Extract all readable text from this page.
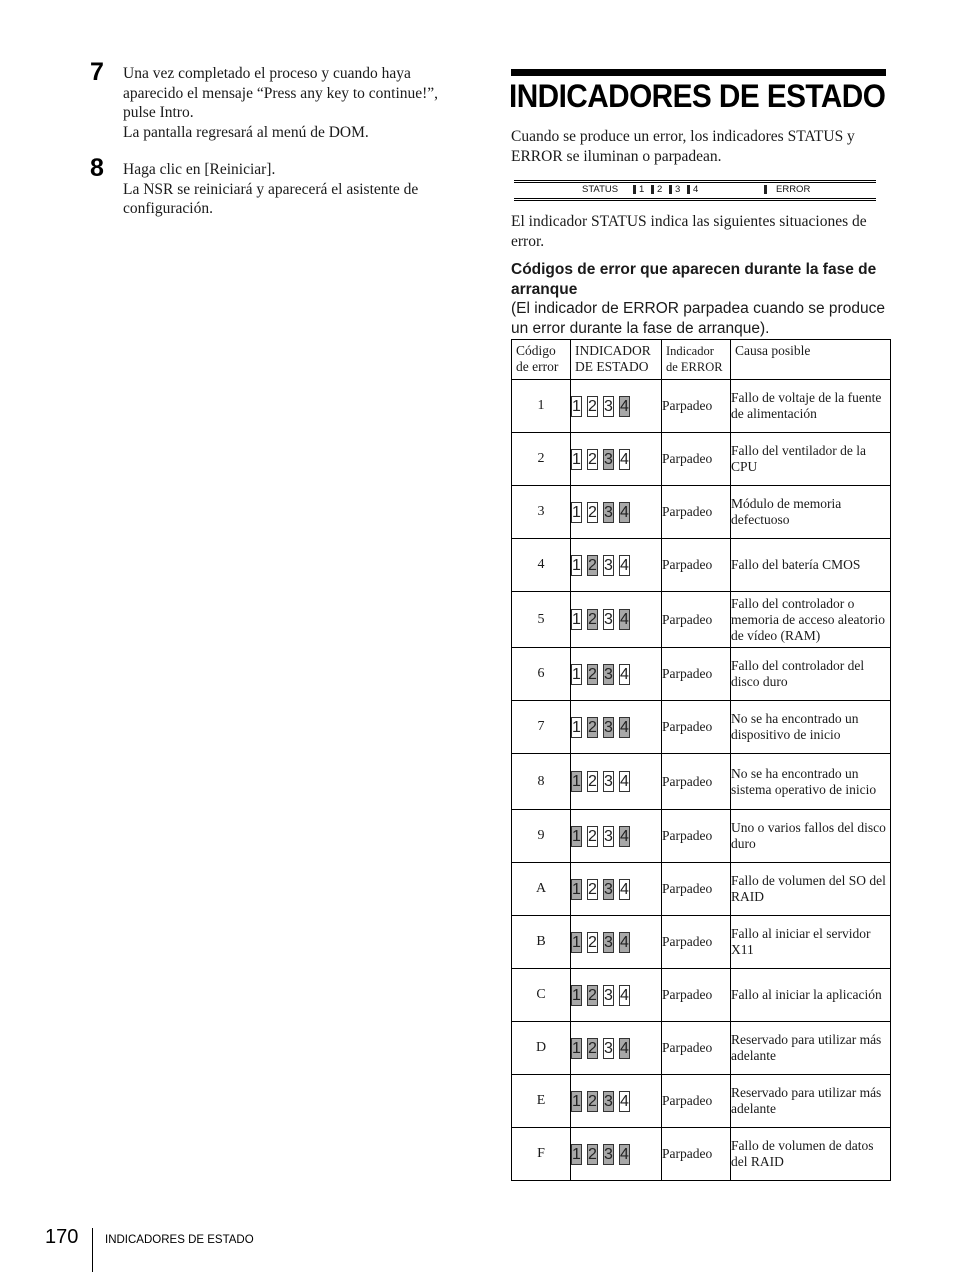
7 Una vez completado el proceso y cuando haya aparecido el mensaje “Press any key to continue!”, pulse Intro.

La pantalla regresará al menú de DOM.

8 Haga clic en [Reiniciar].

La NSR se reiniciará y aparecerá el asistente de configuración.

INDICADORES DE ESTADO

Cuando se produce un error, los indicadores STATUS y ERROR se iluminan o parpadean.

STATUS 1 2 3 4	ERROR

El indicador STATUS indica las siguientes situaciones de error.

Códigos de error que aparecen durante la fase de arranque

(El indicador de ERROR parpadea cuando se produce un error durante la fase de arranque).

Código de error	INDICADOR DE ESTADO	Indicador de ERROR	Causa posible
1	1 2 3 4	Parpadeo	Fallo de voltaje de la fuente de alimentación
2	1 2 3 4	Parpadeo	Fallo del ventilador de la CPU
3	1 2 3 4	Parpadeo	Módulo de memoria defectuoso
4	1 2 3 4	Parpadeo	Fallo del batería CMOS
5	1 2 3 4	Parpadeo	Fallo del controlador o memoria de acceso aleatorio de vídeo (RAM)
6	1 2 3 4	Parpadeo	Fallo del controlador del disco duro
7	1 2 3 4	Parpadeo	No se ha encontrado un dispositivo de inicio
8	1 2 3 4	Parpadeo	No se ha encontrado un sistema operativo de inicio
9	1 2 3 4	Parpadeo	Uno o varios fallos del disco duro
A	1 2 3 4	Parpadeo	Fallo de volumen del SO del RAID
B	1 2 3 4	Parpadeo	Fallo al iniciar el servidor X11
C	1 2 3 4	Parpadeo	Fallo al iniciar la aplicación
D	1 2 3 4	Parpadeo	Reservado para utilizar más adelante
E	1 2 3 4	Parpadeo	Reservado para utilizar más adelante
F	1 2 3 4	Parpadeo	Fallo de volumen de datos del RAID
170 INDICADORES DE ESTADO
